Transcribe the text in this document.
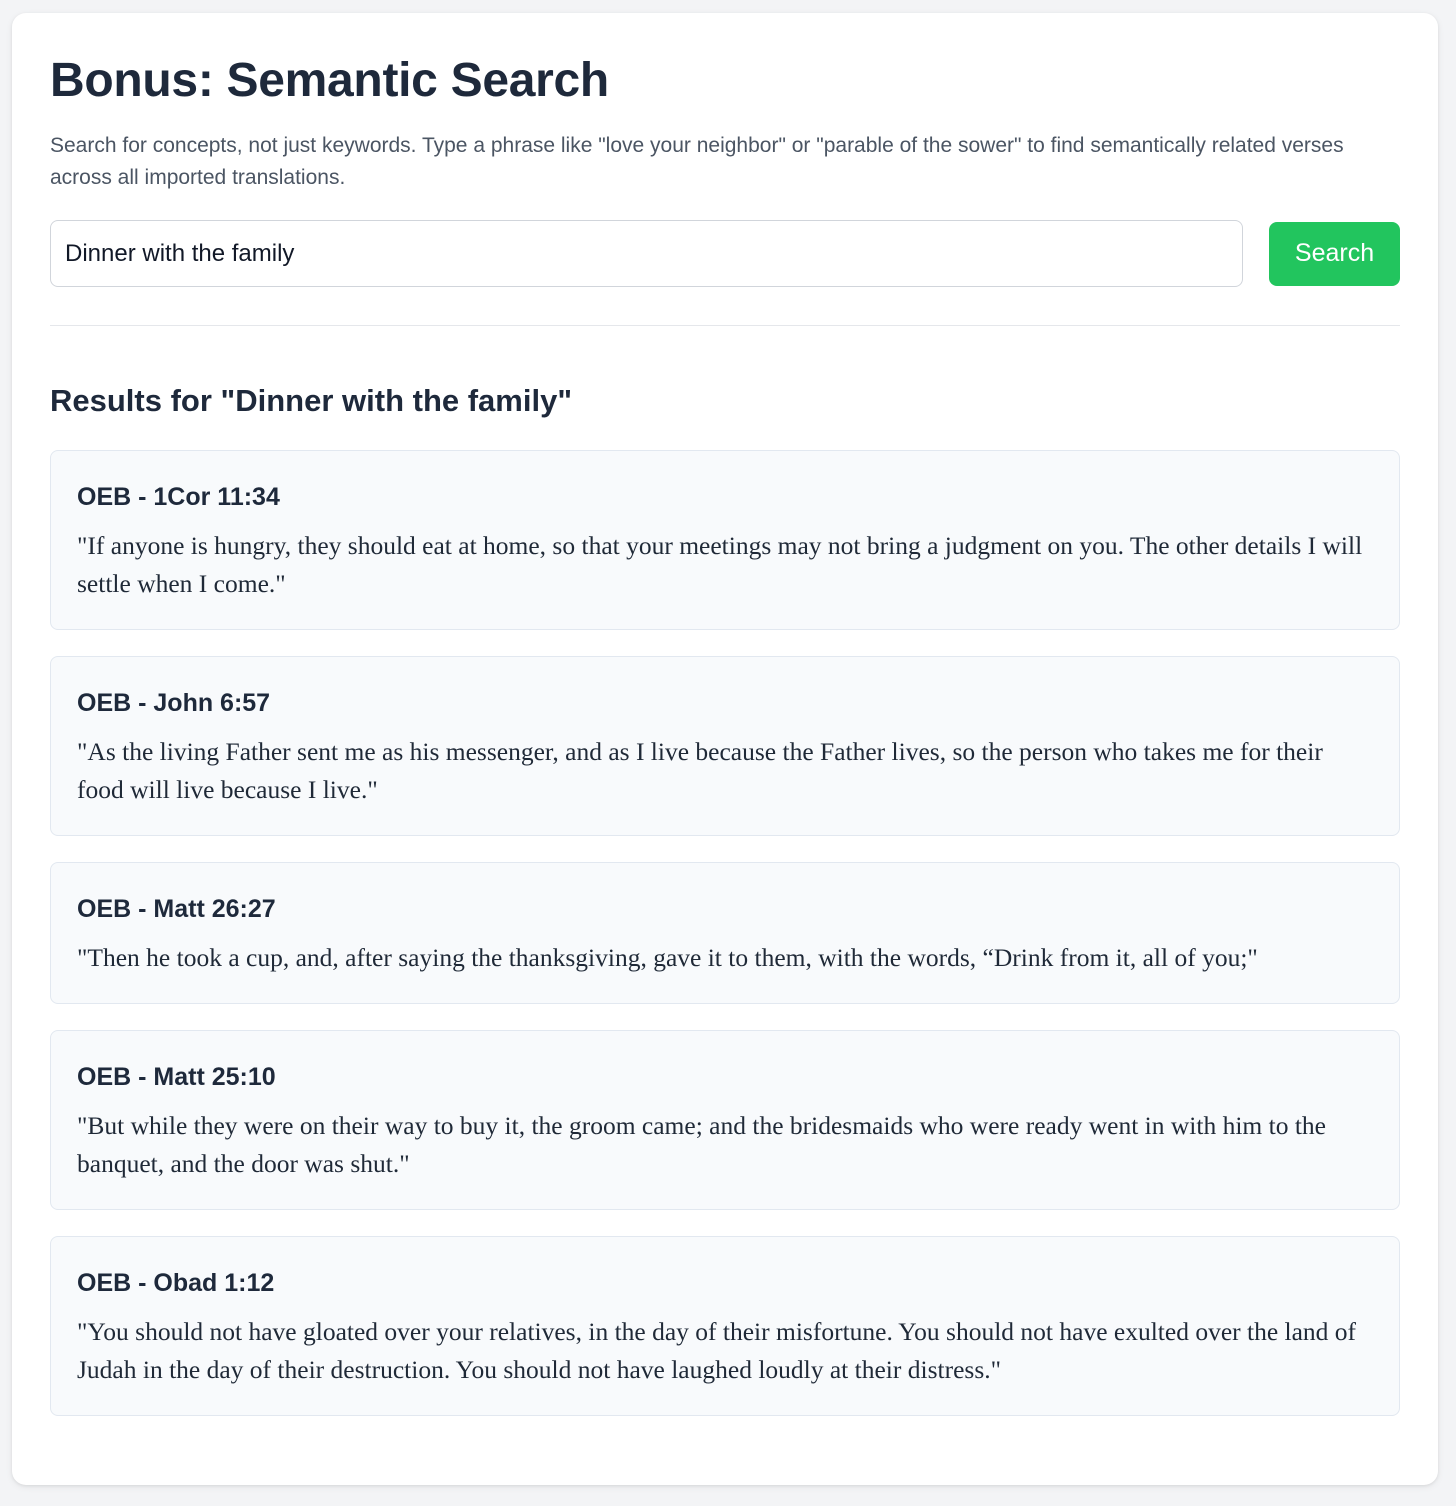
Bonus: Semantic Search

Search for concepts, not just keywords. Type a phrase like "love your neighbor" or "parable of the sower" to find semantically related verses across all imported translations.

Dinner with the family
Search
Results for "Dinner with the family"
OEB - 1Cor 11:34

"If anyone is hungry, they should eat at home, so that your meetings may not bring a judgment on you. The other details I will settle when I come."

OEB - John 6:57

"As the living Father sent me as his messenger, and as I live because the Father lives, so the person who takes me for their food will live because I live."

OEB - Matt 26:27

"Then he took a cup, and, after saying the thanksgiving, gave it to them, with the words, “Drink from it, all of you;"

OEB - Matt 25:10

"But while they were on their way to buy it, the groom came; and the bridesmaids who were ready went in with him to the banquet, and the door was shut."

OEB - Obad 1:12

"You should not have gloated over your relatives, in the day of their misfortune. You should not have exulted over the land of Judah in the day of their destruction. You should not have laughed loudly at their distress."
